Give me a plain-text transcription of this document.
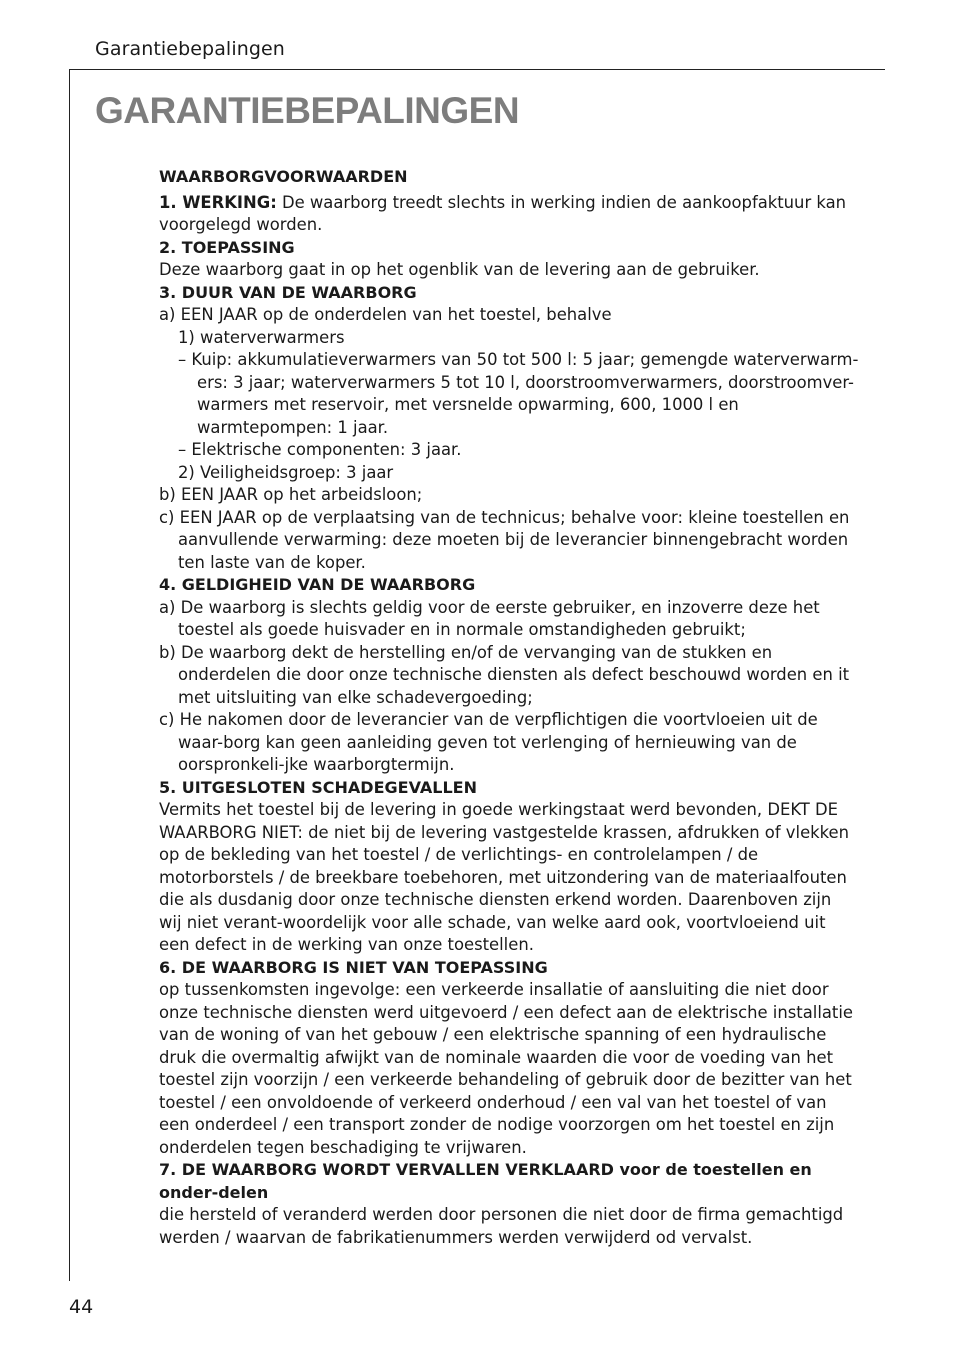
Garantiebepalingen
GARANTIEBEPALINGEN

WAARBORGVOORWAARDEN

1. WERKING: De waarborg treedt slechts in werking indien de aankoopfaktuur kan voorgelegd worden.

2. TOEPASSING

Deze waarborg gaat in op het ogenblik van de levering aan de gebruiker.

3. DUUR VAN DE WAARBORG

a) EEN JAAR op de onderdelen van het toestel, behalve

1) waterverwarmers

– Kuip: akkumulatieverwarmers van 50 tot 500 l: 5 jaar; gemengde waterverwarm-ers: 3 jaar; waterverwarmers 5 tot 10 l, doorstroomverwarmers, doorstroomver-warmers met reservoir, met versnelde opwarming, 600, 1000 l en warmtepompen: 1 jaar.

– Elektrische componenten: 3 jaar.

2) Veiligheidsgroep: 3 jaar

b) EEN JAAR op het arbeidsloon;

c) EEN JAAR op de verplaatsing van de technicus; behalve voor: kleine toestellen en aanvullende verwarming: deze moeten bij de leverancier binnengebracht worden ten laste van de koper.

4. GELDIGHEID VAN DE WAARBORG

a) De waarborg is slechts geldig voor de eerste gebruiker, en inzoverre deze het toestel als goede huisvader en in normale omstandigheden gebruikt;

b) De waarborg dekt de herstelling en/of de vervanging van de stukken en onderdelen die door onze technische diensten als defect beschouwd worden en it met uitsluiting van elke schadevergoeding;

c) He nakomen door de leverancier van de verpflichtigen die voortvloeien uit de waar-borg kan geen aanleiding geven tot verlenging of hernieuwing van de oorspronkeli-jke waarborgtermijn.

5. UITGESLOTEN SCHADEGEVALLEN

Vermits het toestel bij de levering in goede werkingstaat werd bevonden, DEKT DE WAARBORG NIET: de niet bij de levering vastgestelde krassen, afdrukken of vlekken op de bekleding van het toestel / de verlichtings- en controlelampen / de motorborstels / de breekbare toebehoren, met uitzondering van de materiaalfouten die als dusdanig door onze technische diensten erkend worden. Daarenboven zijn wij niet verant-woordelijk voor alle schade, van welke aard ook, voortvloeiend uit een defect in de werking van onze toestellen.

6. DE WAARBORG IS NIET VAN TOEPASSING

op tussenkomsten ingevolge: een verkeerde insallatie of aansluiting die niet door onze technische diensten werd uitgevoerd / een defect aan de elektrische installatie van de woning of van het gebouw / een elektrische spanning of een hydraulische druk die overmaltig afwijkt van de nominale waarden die voor de voeding van het toestel zijn voorzijn / een verkeerde behandeling of gebruik door de bezitter van het toestel / een onvoldoende of verkeerd onderhoud / een val van het toestel of van een onderdeel / een transport zonder de nodige voorzorgen om het toestel en zijn onderdelen tegen beschadiging te vrijwaren.

7. DE WAARBORG WORDT VERVALLEN VERKLAARD voor de toestellen en onder-delen

die hersteld of veranderd werden door personen die niet door de firma gemachtigd werden / waarvan de fabrikatienummers werden verwijderd od vervalst.

44
